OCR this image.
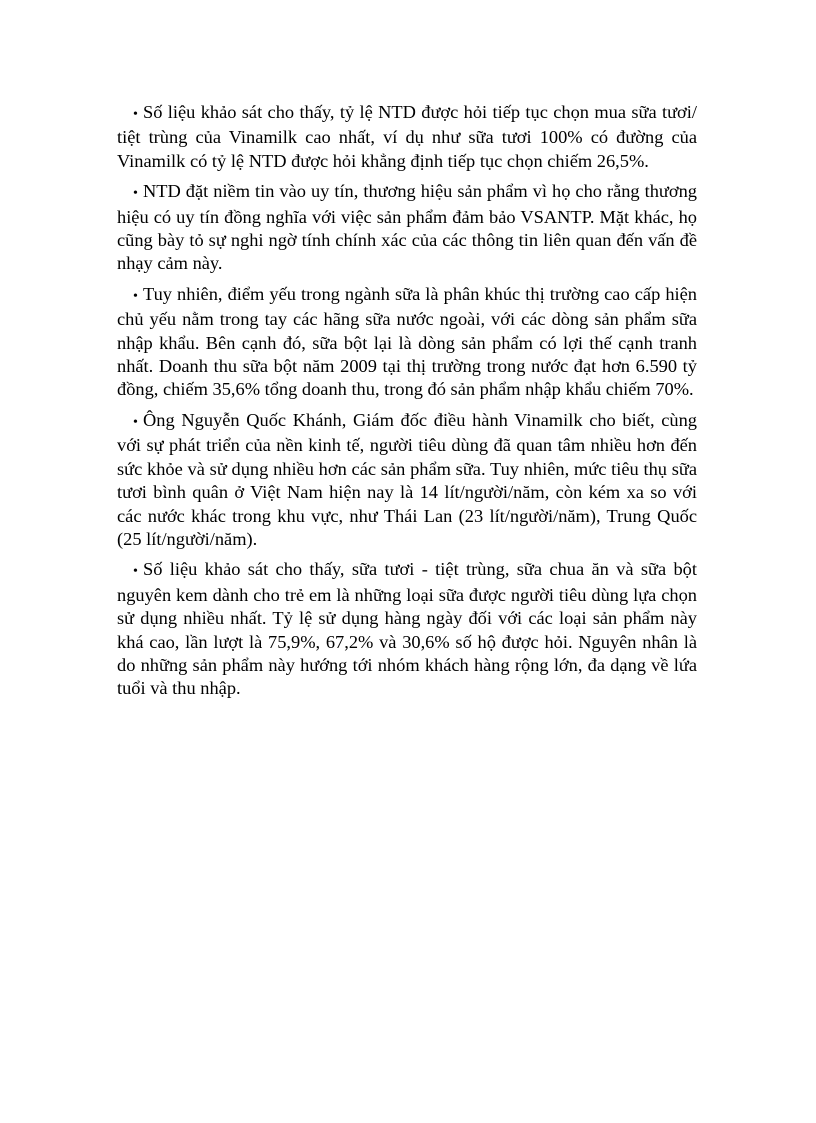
• Số liệu khảo sát cho thấy, tỷ lệ NTD được hỏi tiếp tục chọn mua sữa tươi/ tiệt trùng của Vinamilk cao nhất, ví dụ như sữa tươi 100% có đường của Vinamilk có tỷ lệ NTD được hỏi khẳng định tiếp tục chọn chiếm 26,5%.

• NTD đặt niềm tin vào uy tín, thương hiệu sản phẩm vì họ cho rằng thương hiệu có uy tín đồng nghĩa với việc sản phẩm đảm bảo VSANTP. Mặt khác, họ cũng bày tỏ sự nghi ngờ tính chính xác của các thông tin liên quan đến vấn đề nhạy cảm này.

• Tuy nhiên, điểm yếu trong ngành sữa là phân khúc thị trường cao cấp hiện chủ yếu nằm trong tay các hãng sữa nước ngoài, với các dòng sản phẩm sữa nhập khẩu. Bên cạnh đó, sữa bột lại là dòng sản phẩm có lợi thế cạnh tranh nhất. Doanh thu sữa bột năm 2009 tại thị trường trong nước đạt hơn 6.590 tỷ đồng, chiếm 35,6% tổng doanh thu, trong đó sản phẩm nhập khẩu chiếm 70%.

• Ông Nguyễn Quốc Khánh, Giám đốc điều hành Vinamilk cho biết, cùng với sự phát triển của nền kinh tế, người tiêu dùng đã quan tâm nhiều hơn đến sức khỏe và sử dụng nhiều hơn các sản phẩm sữa. Tuy nhiên, mức tiêu thụ sữa tươi bình quân ở Việt Nam hiện nay là 14 lít/người/năm, còn kém xa so với các nước khác trong khu vực, như Thái Lan (23 lít/người/năm), Trung Quốc (25 lít/người/năm).

• Số liệu khảo sát cho thấy, sữa tươi - tiệt trùng, sữa chua ăn và sữa bột nguyên kem dành cho trẻ em là những loại sữa được người tiêu dùng lựa chọn sử dụng nhiều nhất. Tỷ lệ sử dụng hàng ngày đối với các loại sản phẩm này khá cao, lần lượt là 75,9%, 67,2% và 30,6% số hộ được hỏi. Nguyên nhân là do những sản phẩm này hướng tới nhóm khách hàng rộng lớn, đa dạng về lứa tuổi và thu nhập.
